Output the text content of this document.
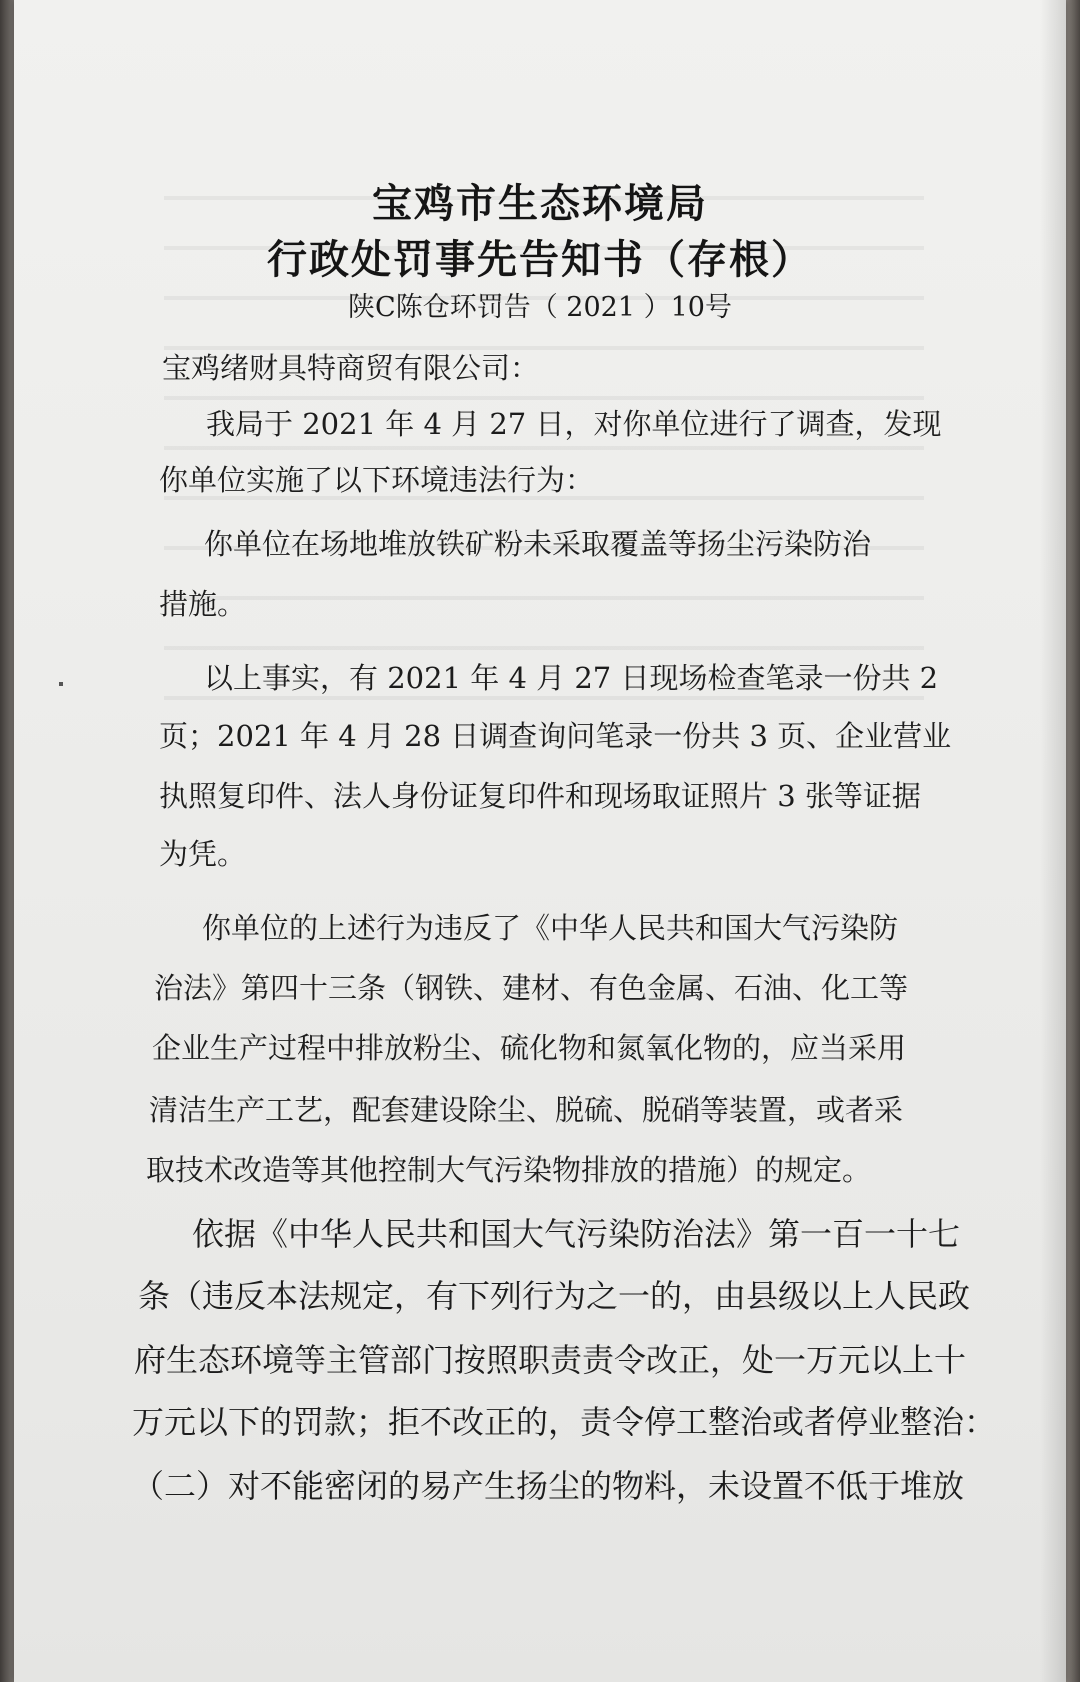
宝鸡市生态环境局
行政处罚事先告知书（存根）
陕C陈仓环罚告（ 2021 ）10号
宝鸡绪财具特商贸有限公司：
我局于 2021 年 4 月 27 日，对你单位进行了调查，发现
你单位实施了以下环境违法行为：
你单位在场地堆放铁矿粉未采取覆盖等扬尘污染防治
措施。
以上事实，有 2021 年 4 月 27 日现场检查笔录一份共 2
页；2021 年 4 月 28 日调查询问笔录一份共 3 页、企业营业
执照复印件、法人身份证复印件和现场取证照片 3 张等证据
为凭。
你单位的上述行为违反了《中华人民共和国大气污染防
治法》第四十三条（钢铁、建材、有色金属、石油、化工等
企业生产过程中排放粉尘、硫化物和氮氧化物的，应当采用
清洁生产工艺，配套建设除尘、脱硫、脱硝等装置，或者采
取技术改造等其他控制大气污染物排放的措施）的规定。
依据《中华人民共和国大气污染防治法》第一百一十七
条（违反本法规定，有下列行为之一的，由县级以上人民政
府生态环境等主管部门按照职责责令改正，处一万元以上十
万元以下的罚款；拒不改正的，责令停工整治或者停业整治：
（二）对不能密闭的易产生扬尘的物料，未设置不低于堆放
